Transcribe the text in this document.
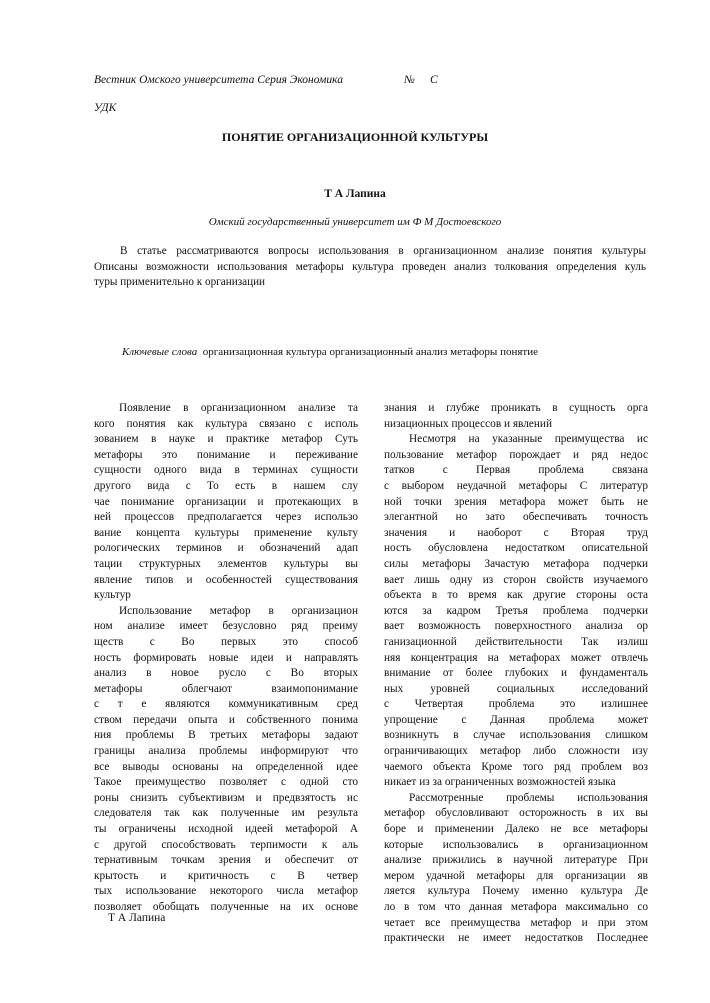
Вестник Омского университета Серия Экономика	№ С
УДК
ПОНЯТИЕ ОРГАНИЗАЦИОННОЙ КУЛЬТУРЫ
Т А Лапина
Омский государственный университет им Ф М Достоевского
В статье рассматриваются вопросы использования в организационном анализе понятия культуры
Описаны возможности использования метафоры культура проведен анализ толкования определения куль
туры применительно к организации
Ключевые слова организационная культура организационный анализ метафоры понятие
Появление в организационном анализе та
кого понятия как культура связано с исполь
зованием в науке и практике метафор Суть
метафоры это понимание и переживание
сущности одного вида в терминах сущности
другого вида с То есть в нашем слу
чае понимание организации и протекающих в
ней процессов предполагается через использо
вание концепта культуры применение культу
рологических терминов и обозначений адап
тации структурных элементов культуры вы
явление типов и особенностей существования
культур
Использование метафор в организацион
ном анализе имеет безусловно ряд преиму
ществ с Во первых это способ
ность формировать новые идеи и направлять
анализ в новое русло с Во вторых
метафоры облегчают взаимопонимание
с т е являются коммуникативным сред
ством передачи опыта и собственного понима
ния проблемы В третьих метафоры задают
границы анализа проблемы информируют что
все выводы основаны на определенной идее
Такое преимущество позволяет с одной сто
роны снизить субъективизм и предвзятость ис
следователя так как полученные им результа
ты ограничены исходной идеей метафорой А
с другой способствовать терпимости к аль
тернативным точкам зрения и обеспечит от
крытость и критичность с В четвер
тых использование некоторого числа метафор
позволяет обобщать полученные на их основе
знания и глубже проникать в сущность орга
низационных процессов и явлений
Несмотря на указанные преимущества ис
пользование метафор порождает и ряд недос
татков с Первая проблема связана
с выбором неудачной метафоры С литератур
ной точки зрения метафора может быть не
элегантной но зато обеспечивать точность
значения и наоборот с Вторая труд
ность обусловлена недостатком описательной
силы метафоры Зачастую метафора подчерки
вает лишь одну из сторон свойств изучаемого
объекта в то время как другие стороны оста
ются за кадром Третья проблема подчерки
вает возможность поверхностного анализа ор
ганизационной действительности Так излиш
няя концентрация на метафорах может отвлечь
внимание от более глубоких и фундаменталь
ных уровней социальных исследований
с Четвертая проблема это излишнее
упрощение с Данная проблема может
возникнуть в случае использования слишком
ограничивающих метафор либо сложности изу
чаемого объекта Кроме того ряд проблем воз
никает из за ограниченных возможностей языка
Рассмотренные проблемы использования
метафор обусловливают осторожность в их вы
боре и применении Далеко не все метафоры
которые использовались в организационном
анализе прижились в научной литературе При
мером удачной метафоры для организации яв
ляется культура Почему именно культура Де
ло в том что данная метафора максимально со
четает все преимущества метафор и при этом
практически не имеет недостатков Последнее
Т А Лапина
